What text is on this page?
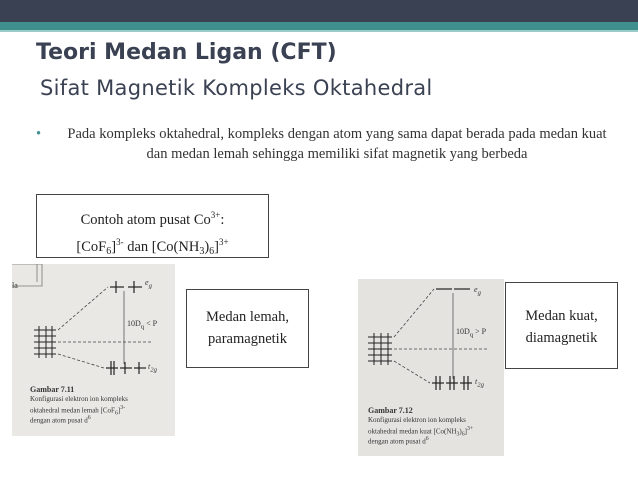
Teori Medan Ligan (CFT)
Sifat Magnetik Kompleks Oktahedral
•	Pada kompleks oktahedral, kompleks dengan atom yang sama dapat berada pada medan kuat dan medan lemah sehingga memiliki sifat magnetik yang berbeda
Contoh atom pusat $Co^{3+}$:
$[CoF_6]^{3-}$ dan $[Co(NH_3)_6]^{3+}$
la	$e_g$
$10D_q < P$
$t_{2g}$
Gambar 7.11
Konfigurasi elektron ion kompleks
oktahedral medan lemah $[CoF_6]^{3-}$
dengan atom pusat $d^6$
Medan lemah,
paramagnetik
$e_g$
$10D_q > P$
$t_{2g}$
Gambar 7.12
Konfigurasi elektron ion kompleks
oktahedral medan kuat $[Co(NH_3)_6]^{3+}$
dengan atom pusat $d^6$
Medan kuat,
diamagnetik
